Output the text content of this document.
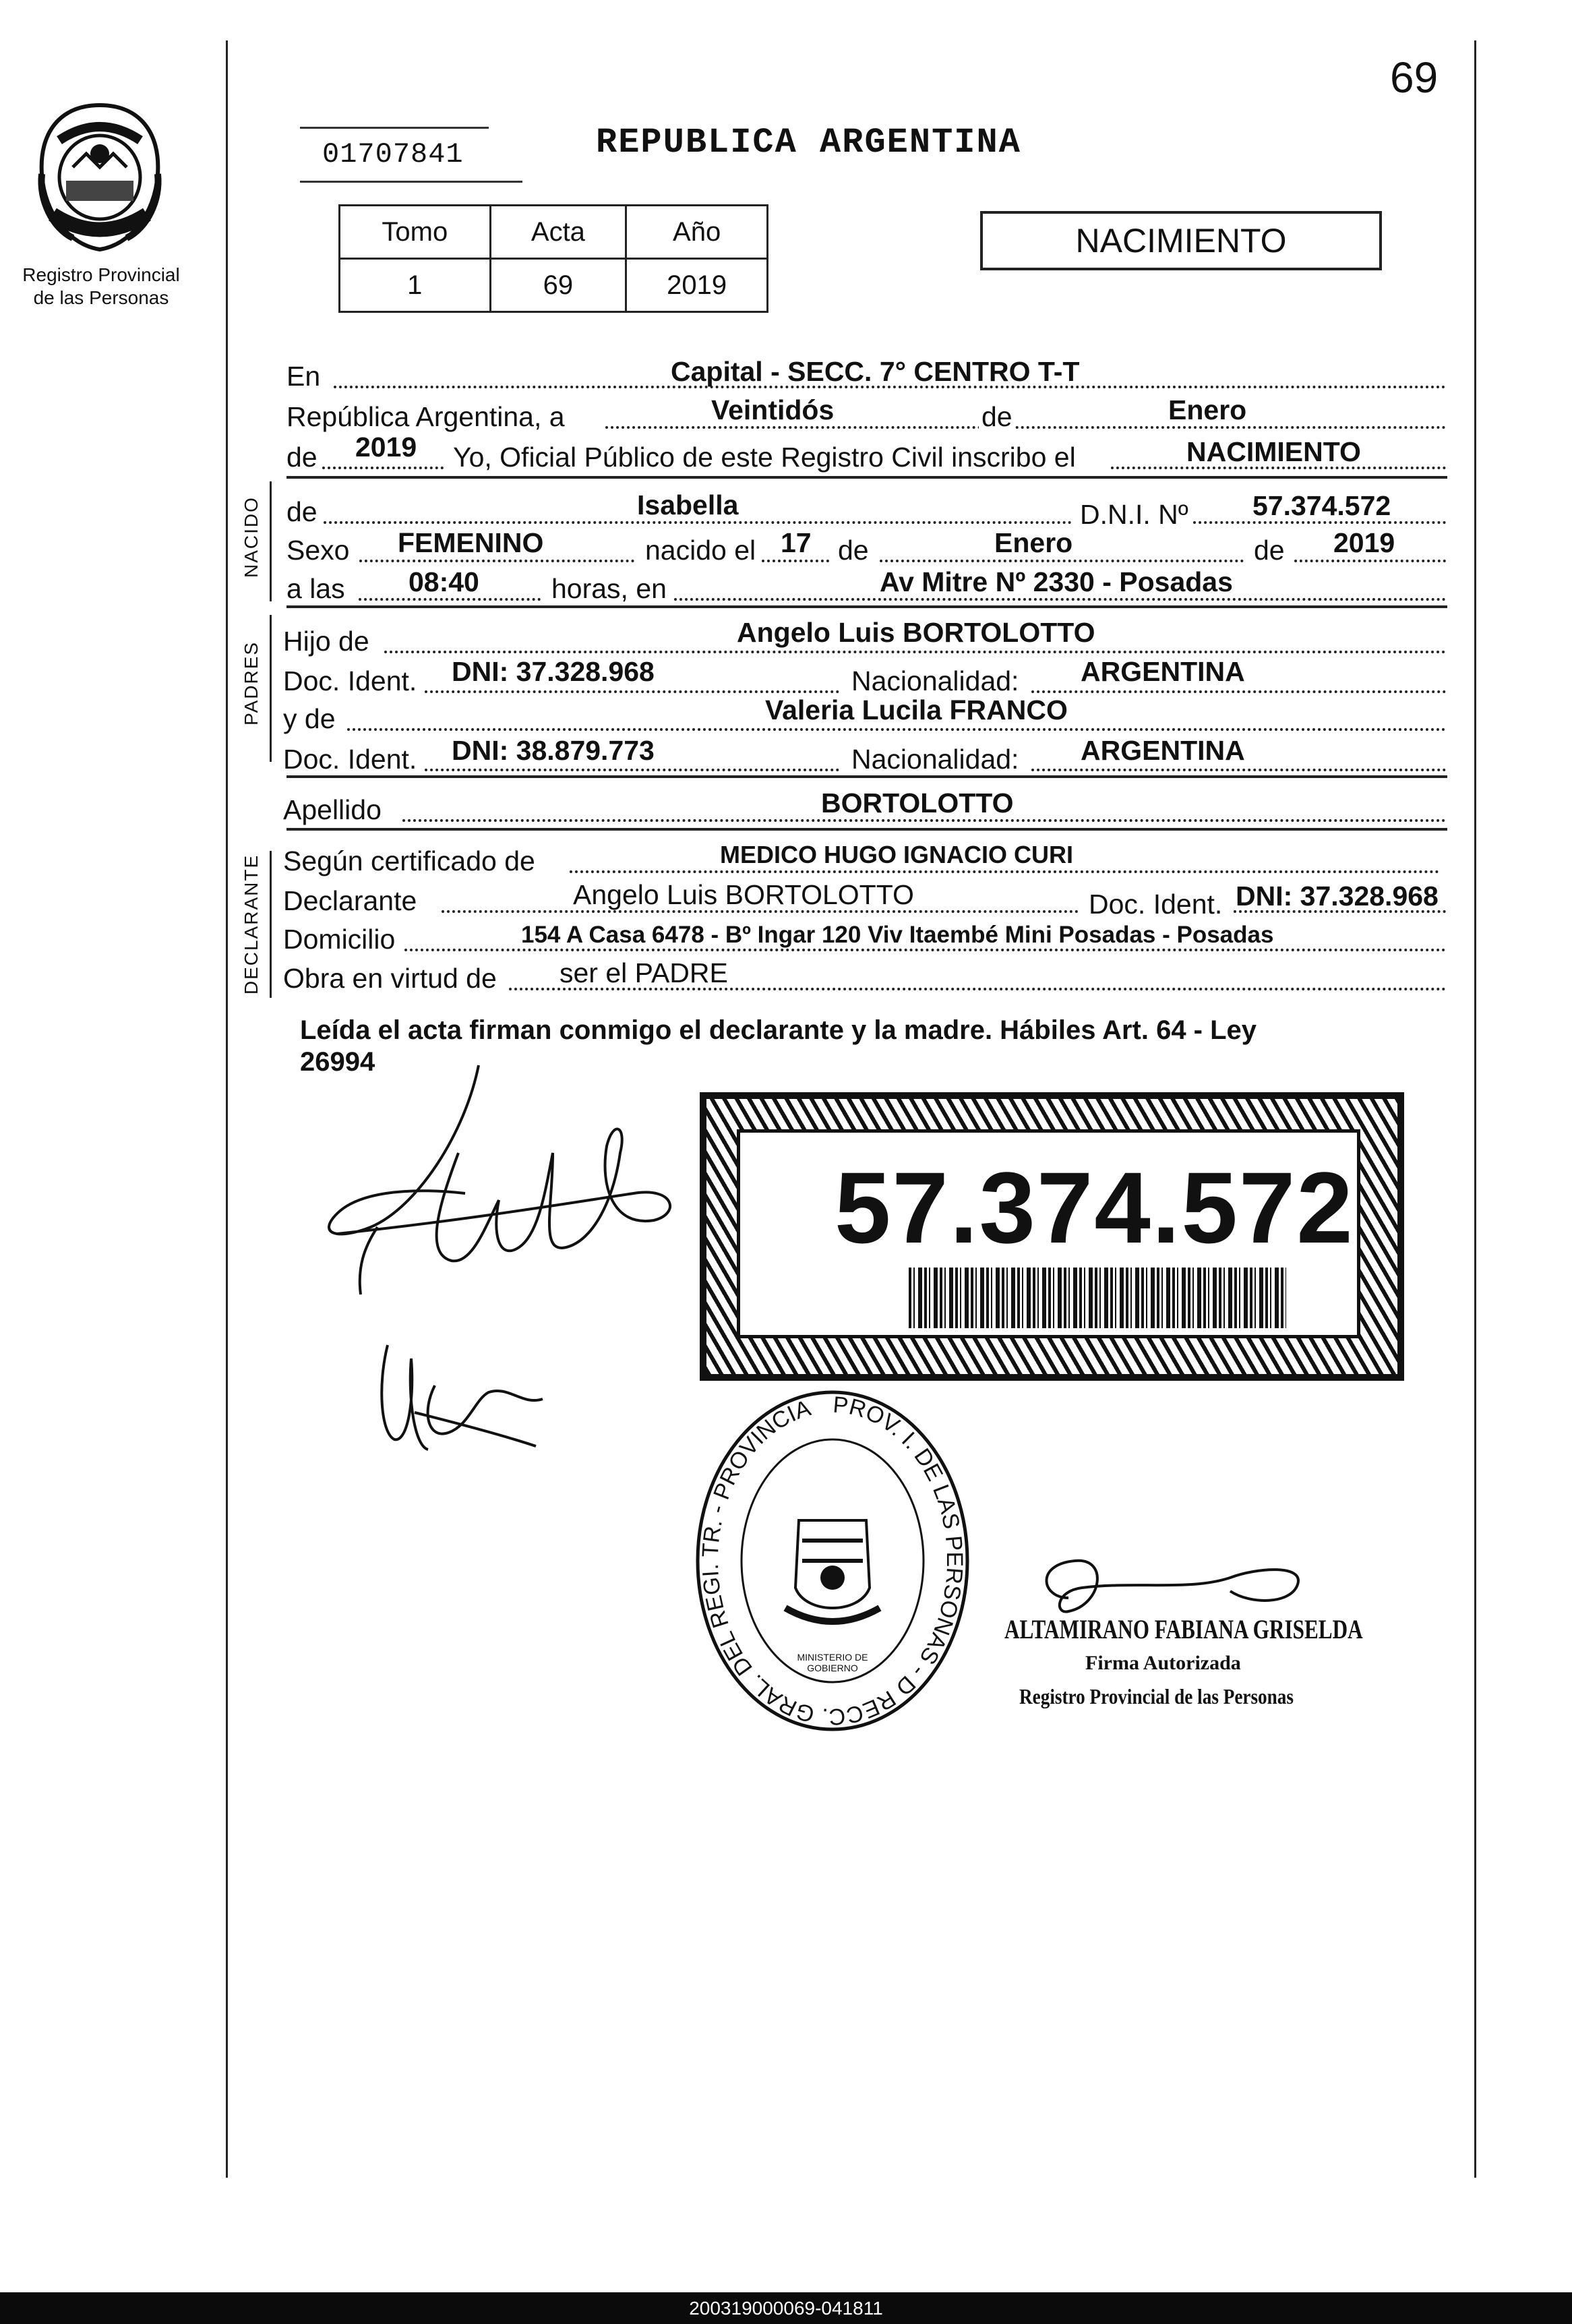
69
Registro Provincial
de las Personas
01707841	REPUBLICA ARGENTINA
Tomo	Acta	Año
1	69	2019
NACIMIENTO
En	Capital - SECC. 7° CENTRO T-T
República Argentina, a	Veintidós	de	Enero
de 2019 Yo, Oficial Público de este Registro Civil inscribo el	NACIMIENTO
NACIDO de	Isabella	D.N.I. Nº 57.374.572
Sexo FEMENINO	nacido el 17 de	Enero	de 2019
a las 08:40	horas, en	Av Mitre Nº 2330 - Posadas
PADRES Hijo de	Angelo Luis BORTOLOTTO
Doc. Ident. DNI: 37.328.968	Nacionalidad: ARGENTINA
y de	Valeria Lucila FRANCO
Doc. Ident. DNI: 38.879.773	Nacionalidad: ARGENTINA
Apellido	BORTOLOTTO
DECLARANTE Según certificado de	MEDICO HUGO IGNACIO CURI
Declarante	Angelo Luis BORTOLOTTO	Doc. Ident. DNI: 37.328.968
Domicilio	154 A Casa 6478 - Bº Ingar 120 Viv Itaembé Mini Posadas - Posadas
Obra en virtud de ser el PADRE
Leída el acta firman conmigo el declarante y la madre. Hábiles Art. 64 - Ley
26994
57.374.572
PROV. I. DE LAS PERSONAS - D RECC. GRAL. DEL REGI. TR. - PROVINCIA
MINISTERIO DE GOBIERNO
ALTAMIRANO FABIANA GRISELDA
Firma Autorizada
Registro Provincial de las Personas
200319000069-041811
